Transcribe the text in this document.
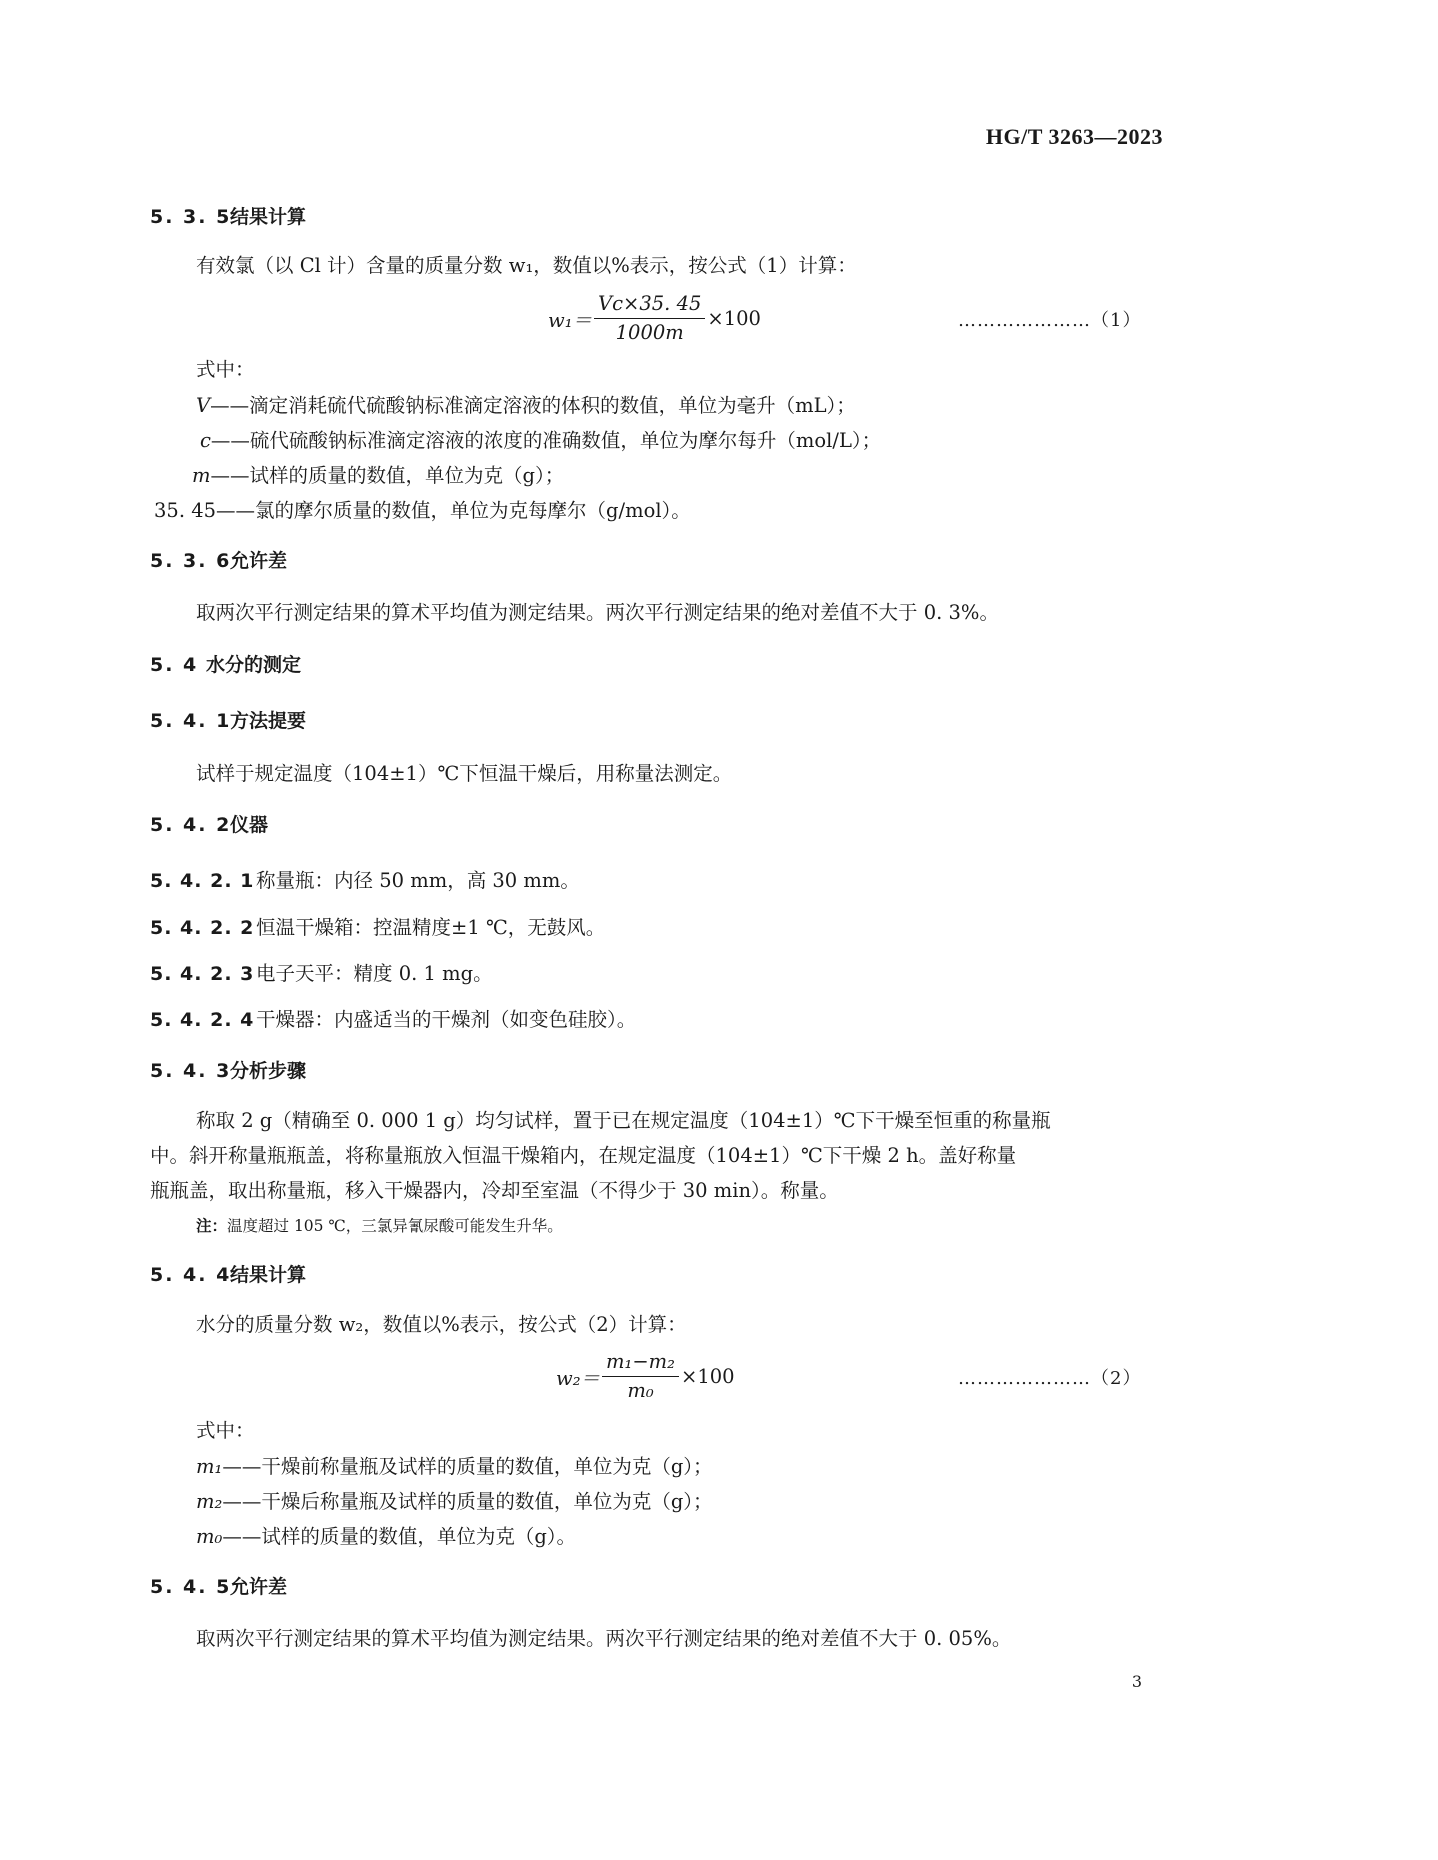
HG/T 3263—2023
5. 3. 5结果计算
有效氯（以 Cl 计）含量的质量分数 w₁，数值以%表示，按公式（1）计算：
$w_1= \frac{Vc\times 35. 45}{1000m} \times 100$	…………………（1）
式中：
V——滴定消耗硫代硫酸钠标准滴定溶液的体积的数值，单位为毫升（mL）；
c——硫代硫酸钠标准滴定溶液的浓度的准确数值，单位为摩尔每升（mol/L）；
m——试样的质量的数值，单位为克（g）；
35. 45——氯的摩尔质量的数值，单位为克每摩尔（g/mol）。
5. 3. 6允许差
取两次平行测定结果的算术平均值为测定结果。两次平行测定结果的绝对差值不大于 0. 3%。
5. 4 水分的测定
5. 4. 1方法提要
试样于规定温度（104±1）℃下恒温干燥后，用称量法测定。
5. 4. 2仪器
5. 4. 2. 1称量瓶：内径 50 mm，高 30 mm。
5. 4. 2. 2恒温干燥箱：控温精度±1 ℃，无鼓风。
5. 4. 2. 3电子天平：精度 0. 1 mg。
5. 4. 2. 4干燥器：内盛适当的干燥剂（如变色硅胶）。
5. 4. 3分析步骤
称取 2 g（精确至 0. 000 1 g）均匀试样，置于已在规定温度（104±1）℃下干燥至恒重的称量瓶
中。斜开称量瓶瓶盖，将称量瓶放入恒温干燥箱内，在规定温度（104±1）℃下干燥 2 h。盖好称量
瓶瓶盖，取出称量瓶，移入干燥器内，冷却至室温（不得少于 30 min）。称量。
注：温度超过 105 ℃，三氯异氰尿酸可能发生升华。
5. 4. 4结果计算
水分的质量分数 w₂，数值以%表示，按公式（2）计算：
$w_2= \frac{\text{m₁−m₂}}{\text{m₀}} \times 100$	…………………（2）
式中：
m₁——干燥前称量瓶及试样的质量的数值，单位为克（g）；
m₂——干燥后称量瓶及试样的质量的数值，单位为克（g）；
m₀——试样的质量的数值，单位为克（g）。
5. 4. 5允许差
取两次平行测定结果的算术平均值为测定结果。两次平行测定结果的绝对差值不大于 0. 05%。
3
